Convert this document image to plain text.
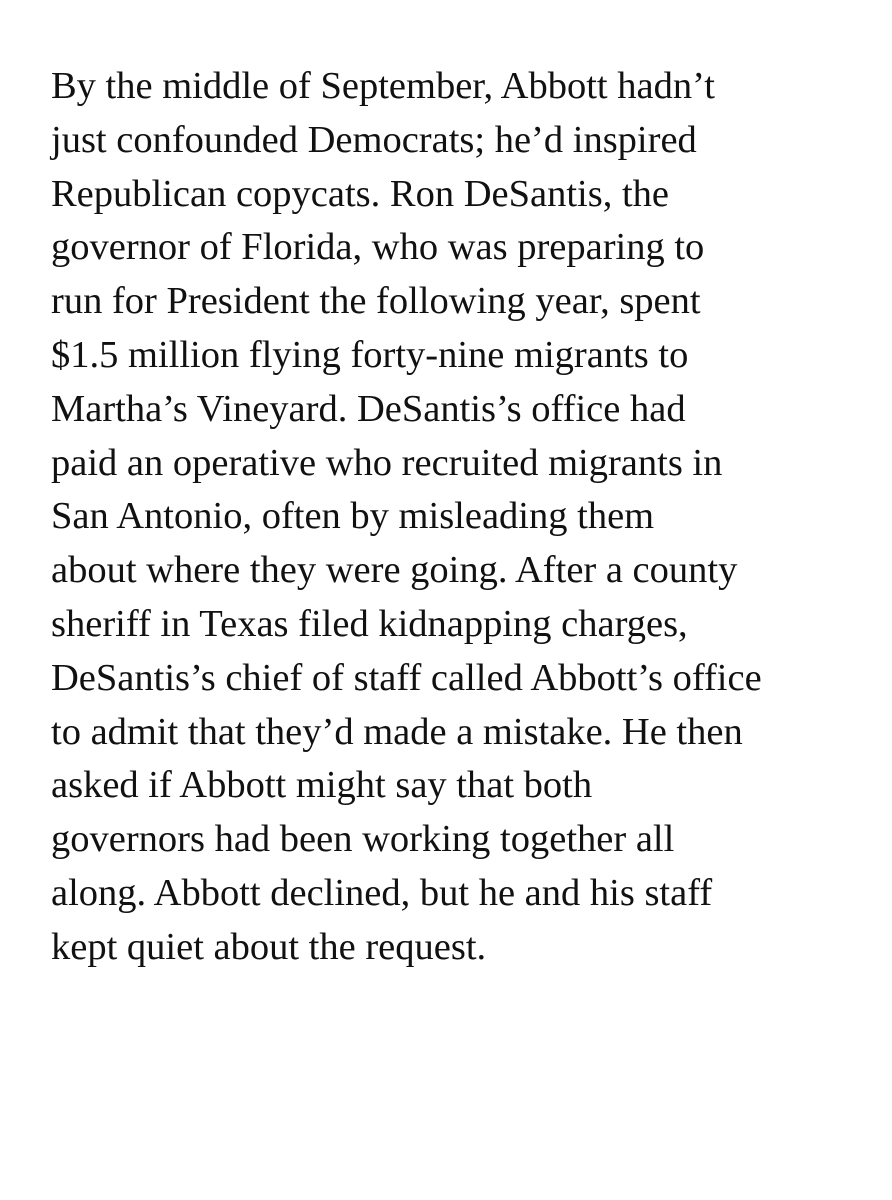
By the middle of September, Abbott hadn’t
just confounded Democrats; he’d inspired
Republican copycats. Ron DeSantis, the
governor of Florida, who was preparing to
run for President the following year, spent
$1.5 million flying forty-nine migrants to
Martha’s Vineyard. DeSantis’s office had
paid an operative who recruited migrants in
San Antonio, often by misleading them
about where they were going. After a county
sheriff in Texas filed kidnapping charges,
DeSantis’s chief of staff called Abbott’s office
to admit that they’d made a mistake. He then
asked if Abbott might say that both
governors had been working together all
along. Abbott declined, but he and his staff
kept quiet about the request.
